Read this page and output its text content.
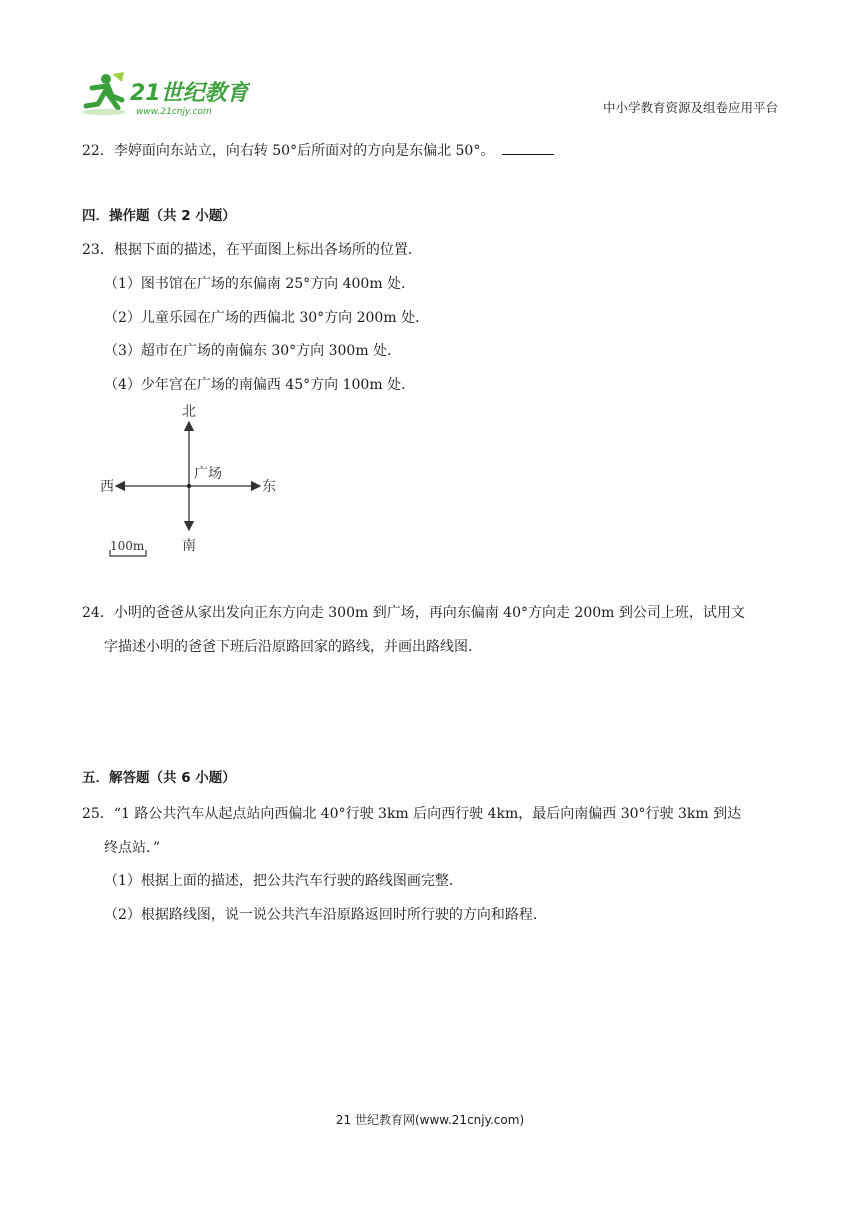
21世纪教育
www.21cnjy.com	中小学教育资源及组卷应用平台
22．李婷面向东站立，向右转 50°后所面对的方向是东偏北 50°。
四．操作题（共 2 小题）
23．根据下面的描述，在平面图上标出各场所的位置．
（1）图书馆在广场的东偏南 25°方向 400m 处．
（2）儿童乐园在广场的西偏北 30°方向 200m 处．
（3）超市在广场的南偏东 30°方向 300m 处．
（4）少年宫在广场的南偏西 45°方向 100m 处．
北
南
东
西
广场
100m
24．小明的爸爸从家出发向正东方向走 300m 到广场，再向东偏南 40°方向走 200m 到公司上班，试用文
字描述小明的爸爸下班后沿原路回家的路线，并画出路线图．
五．解答题（共 6 小题）
25．“1 路公共汽车从起点站向西偏北 40°行驶 3km 后向西行驶 4km，最后向南偏西 30°行驶 3km 到达
终点站．”
（1）根据上面的描述，把公共汽车行驶的路线图画完整．
（2）根据路线图，说一说公共汽车沿原路返回时所行驶的方向和路程．
21 世纪教育网(www.21cnjy.com)
